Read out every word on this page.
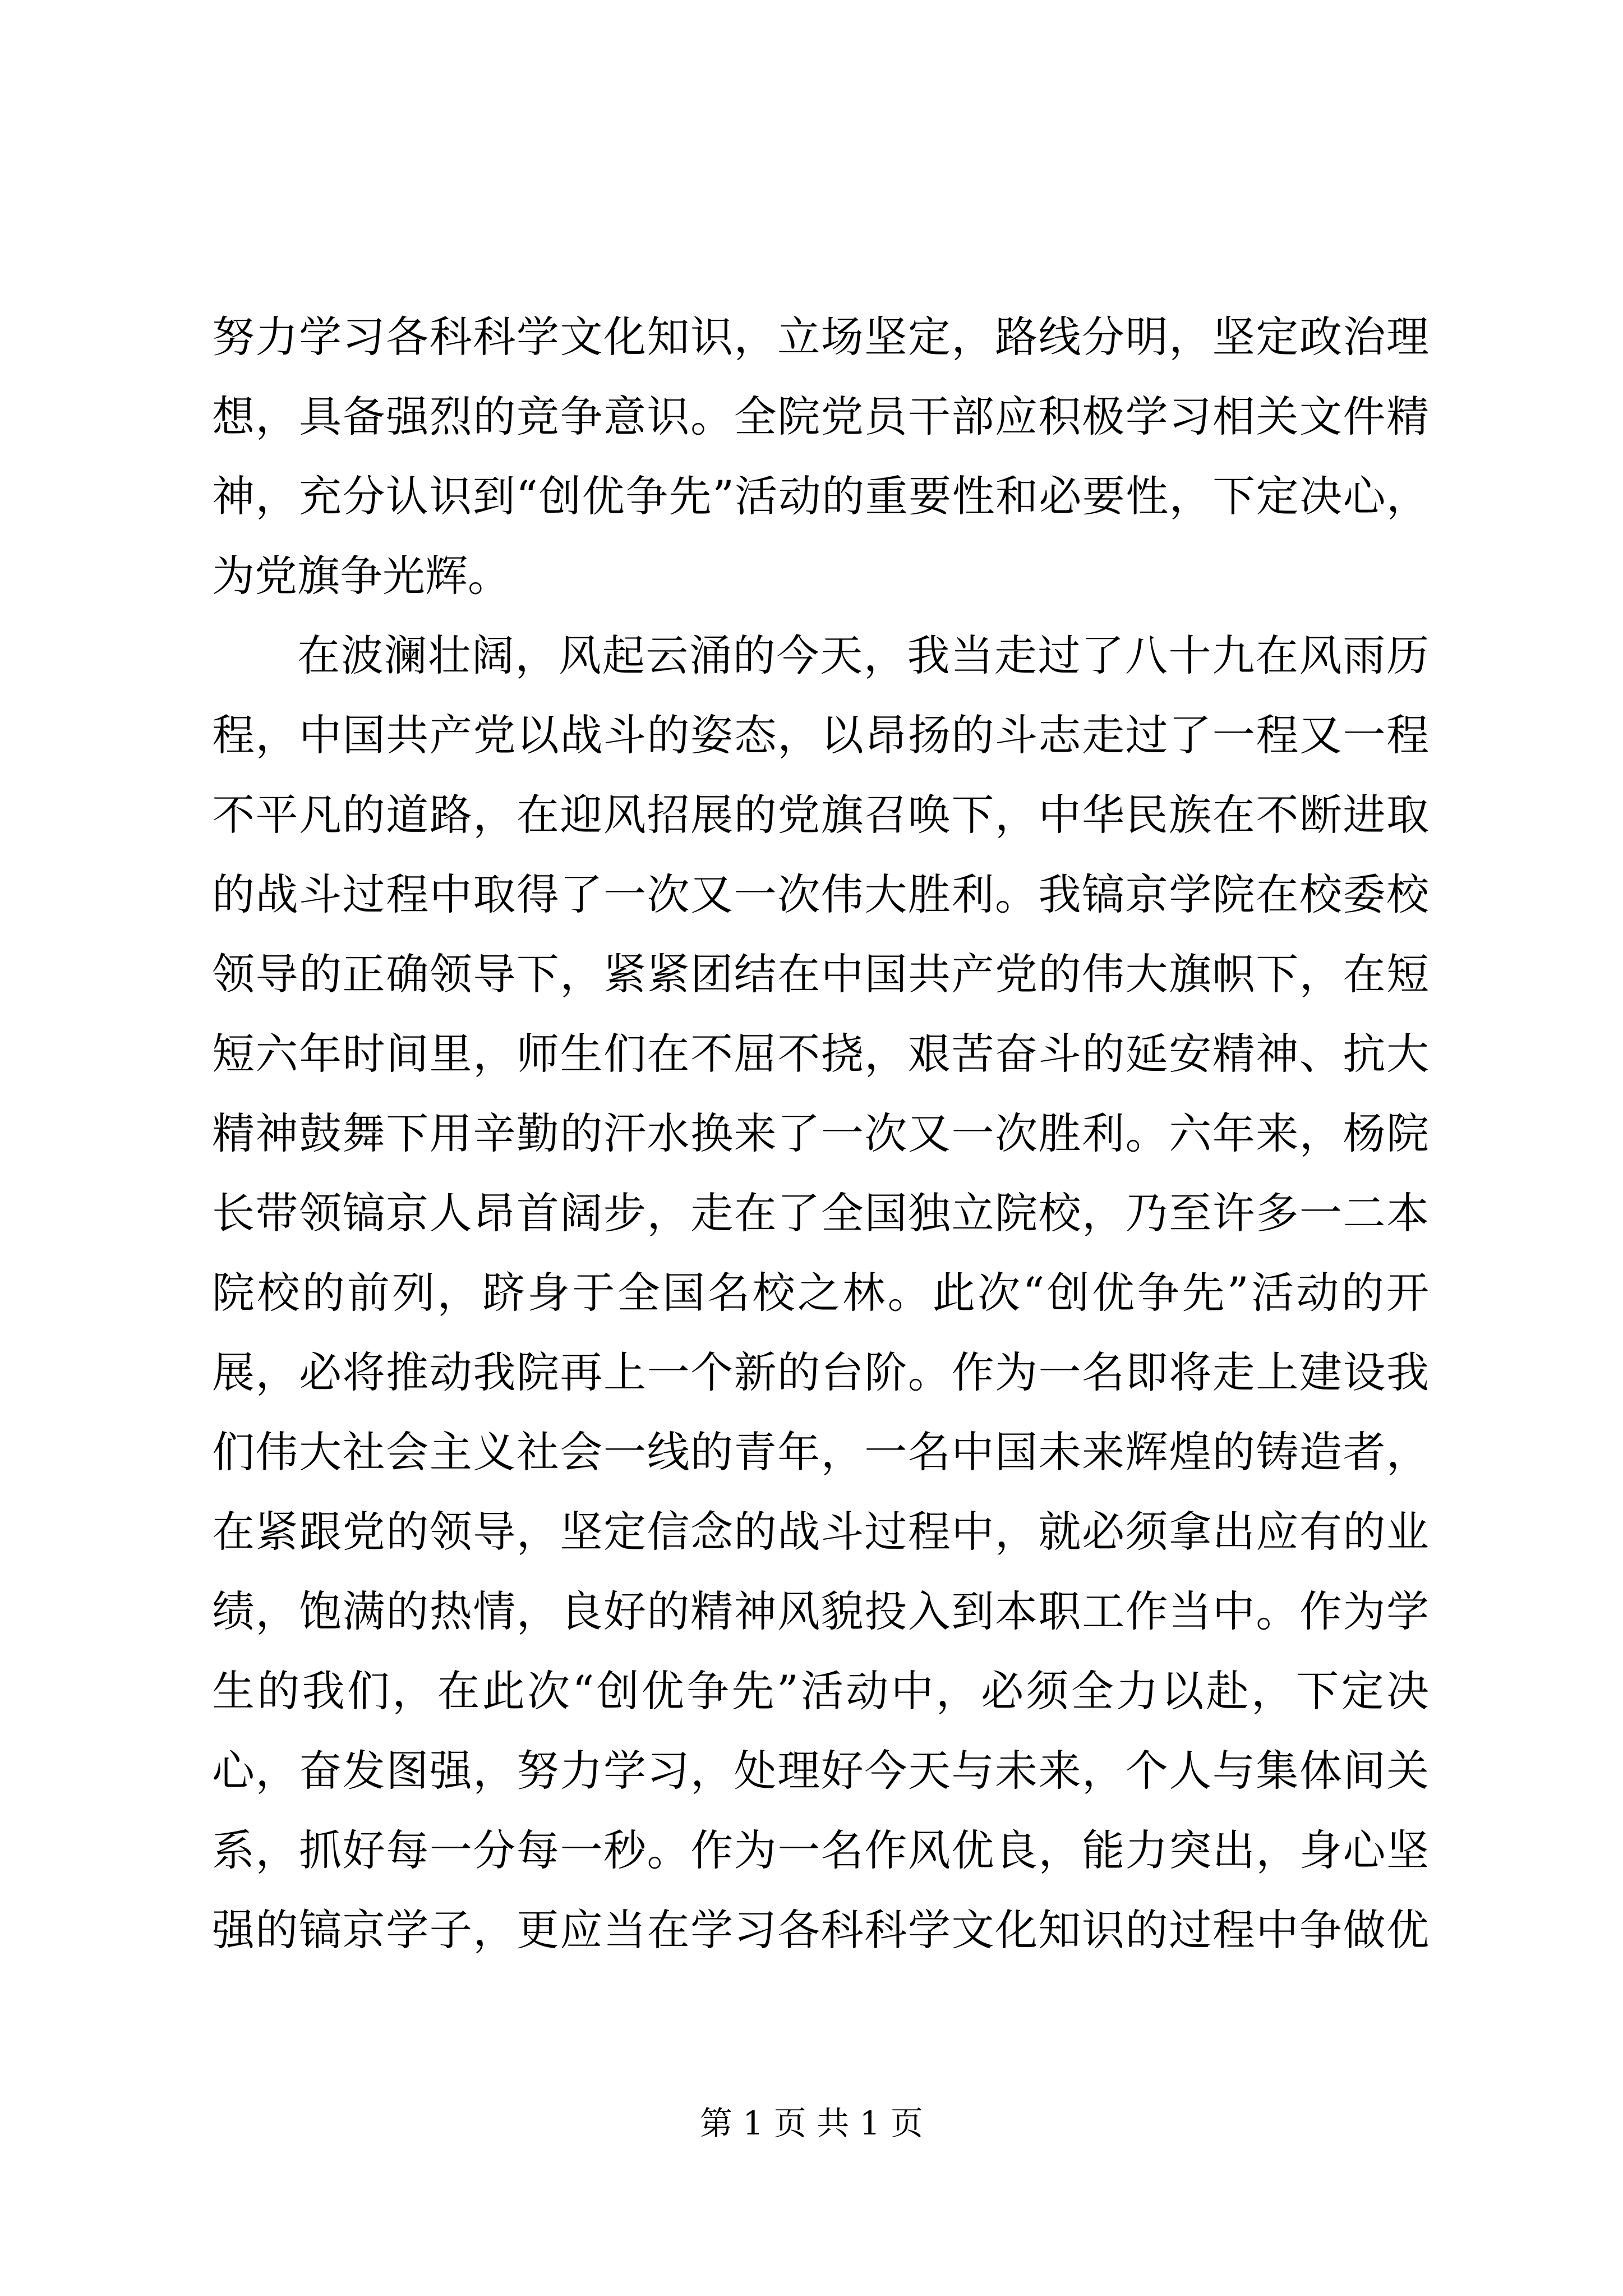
努力学习各科科学文化知识，立场坚定，路线分明，坚定政治理
想，具备强烈的竞争意识。全院党员干部应积极学习相关文件精
神，充分认识到“创优争先”活动的重要性和必要性，下定决心，
为党旗争光辉。
在波澜壮阔，风起云涌的今天，我当走过了八十九在风雨历
程，中国共产党以战斗的姿态，以昂扬的斗志走过了一程又一程
不平凡的道路，在迎风招展的党旗召唤下，中华民族在不断进取
的战斗过程中取得了一次又一次伟大胜利。我镐京学院在校委校
领导的正确领导下，紧紧团结在中国共产党的伟大旗帜下，在短
短六年时间里，师生们在不屈不挠，艰苦奋斗的延安精神、抗大
精神鼓舞下用辛勤的汗水换来了一次又一次胜利。六年来，杨院
长带领镐京人昂首阔步，走在了全国独立院校，乃至许多一二本
院校的前列，跻身于全国名校之林。此次“创优争先”活动的开
展，必将推动我院再上一个新的台阶。作为一名即将走上建设我
们伟大社会主义社会一线的青年，一名中国未来辉煌的铸造者，
在紧跟党的领导，坚定信念的战斗过程中，就必须拿出应有的业
绩，饱满的热情，良好的精神风貌投入到本职工作当中。作为学
生的我们，在此次“创优争先”活动中，必须全力以赴，下定决
心，奋发图强，努力学习，处理好今天与未来，个人与集体间关
系，抓好每一分每一秒。作为一名作风优良，能力突出，身心坚
强的镐京学子，更应当在学习各科科学文化知识的过程中争做优
第 1 页 共 1 页
